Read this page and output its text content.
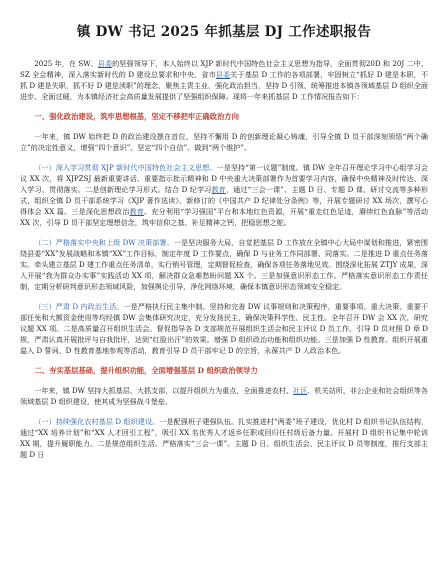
镇 DW 书记 2025 年抓基层 DJ 工作述职报告

2025 年，在 SW、县委的坚强领导下，本人始终以 XJP 新时代中国特色社会主义思想为指导，全面贯彻20D 和 20J 二中、SZ 全会精神，深入落实新时代的 D 建设总要求和中央、省市县委关于基层 D 工作的各项部署，牢固树立“抓好 D 建是本职，不抓 D 建是失职，抓不好 D 建是渎职”的理念，聚焦主责主业，强化政治担当，坚持 D 引领，统筹推进本镇各领域基层 D 组织全面进步、全面过硬，为本镇经济社会高质量发展提供了坚强组织保障。现将一年来抓基层 D 工作情况报告如下：

一、强化政治建设，筑牢思想根基，坚定不移把牢正确政治方向

一年来，镇 DW 始终把 D 的政治建设摆在首位，坚持不懈用 D 的创新理论凝心铸魂，引导全镇 D 员干部深刻领悟“两个确立”的决定性意义，增强“四个意识”、坚定“四个自信”、做到“两个维护”。

（一）深入学习贯彻 XJP 新时代中国特色社会主义思想。一是坚持“第一议题”制度。镇 DW 全年召开理论学习中心组学习会议 XX 次，将 XJPZSJ 最新重要讲话、重要指示批示精神和 D 中央重大决策部署作为首要学习内容，确保中央精神及时传达、深入学习、贯彻落实。二是创新理论学习形式。结合 D 纪学习教育，通过“三会一课”、主题 D 日、专题 D 课、研讨交流等多种形式，组织全镇 D 员干部系统学习《XJP 著作选读》、新修订的《中国共产 D 纪律处分条例》等，开展专题研讨 XX 场次，撰写心得体会 XX 篇。三是深化思想政治教育。充分利用“学习强国”平台和本地红色资源，开展“重走红色足迹，赓续红色血脉”等活动 XX 次，引导 D 员干部坚定理想信念，筑牢信仰之基、补足精神之钙，把稳思想之舵。

（二）严格落实中央和上级 DW 决策部署。一是坚决服务大局，自觉把基层 D 工作放在全镇中心大局中谋划和推进，紧密围绕县委“XX”发展战略和本镇“XX”工作目标，制定年度 D 工作要点，确保 D 与业务工作同部署、同落实。二是推进 D 重点任务落实。牵头建立基层 D 建工作重点任务清单，实行销号管理，定期督促检查，确保各项任务落地见效。围绕深化拓展 ZTJY 成果，深入开展“我为群众办实事”实践活动 XX 项，解决群众急难愁盼问题 XX 个。三是加强意识形态工作。严格落实意识形态工作责任制，定期分析研判意识形态领域风险，加强舆论引导，净化网络环境，确保本镇意识形态领域安全稳定。

（三）严肃 D 内政治生活。一是严格执行民主集中制。坚持和完善 DW 议事规则和决策程序，重要事项、重大决策、重要干部任免和大额资金使用等均经镇 DW 会集体研究决定，充分发扬民主，确保决策科学性、民主性。全年召开 DW 会 XX 次，研究议题 XX 项。二是高质量召开组织生活会。督促指导各 D 支部规范开展组织生活会和民主评议 D 员工作，引导 D 员对照 D 章 D 规，严肃认真开展批评与自我批评，达到“红脸出汗”的效果。增强 D 组织政治功能和组织功能。三是加强 D 性教育。组织开展重温入 D 誓词、D 性教育基地参观等活动，教育引导 D 员干部牢记 D 的宗旨，永葆共产 D 人政治本色。

二、夯实基层基础，提升组织功能，全面增强基层 D 组织政治领导力

一年来，镇 DW 坚持大抓基层、大抓支部，以提升组织力为重点，全面推进农村、社区、机关站所、非公企业和社会组织等各领域基层 D 组织建设，使其成为坚强战斗堡垒。

（一）持续强化农村基层 D 组织建设。一是配强班子建强队伍。扎实推进村“两委”班子建设，优化村 D 组织书记队伍结构，通过“XX 培养计划”和“XX 人才回引工程”，吸引 XX 名优秀人才返乡任职或回归任村级后备力量。开展村 D 组织书记集中轮训 XX 期，提升履职能力。二是规范组织生活。严格落实“三会一课”、主题 D 日、组织生活会、民主评议 D 员等制度，推行支部主题 D 日
